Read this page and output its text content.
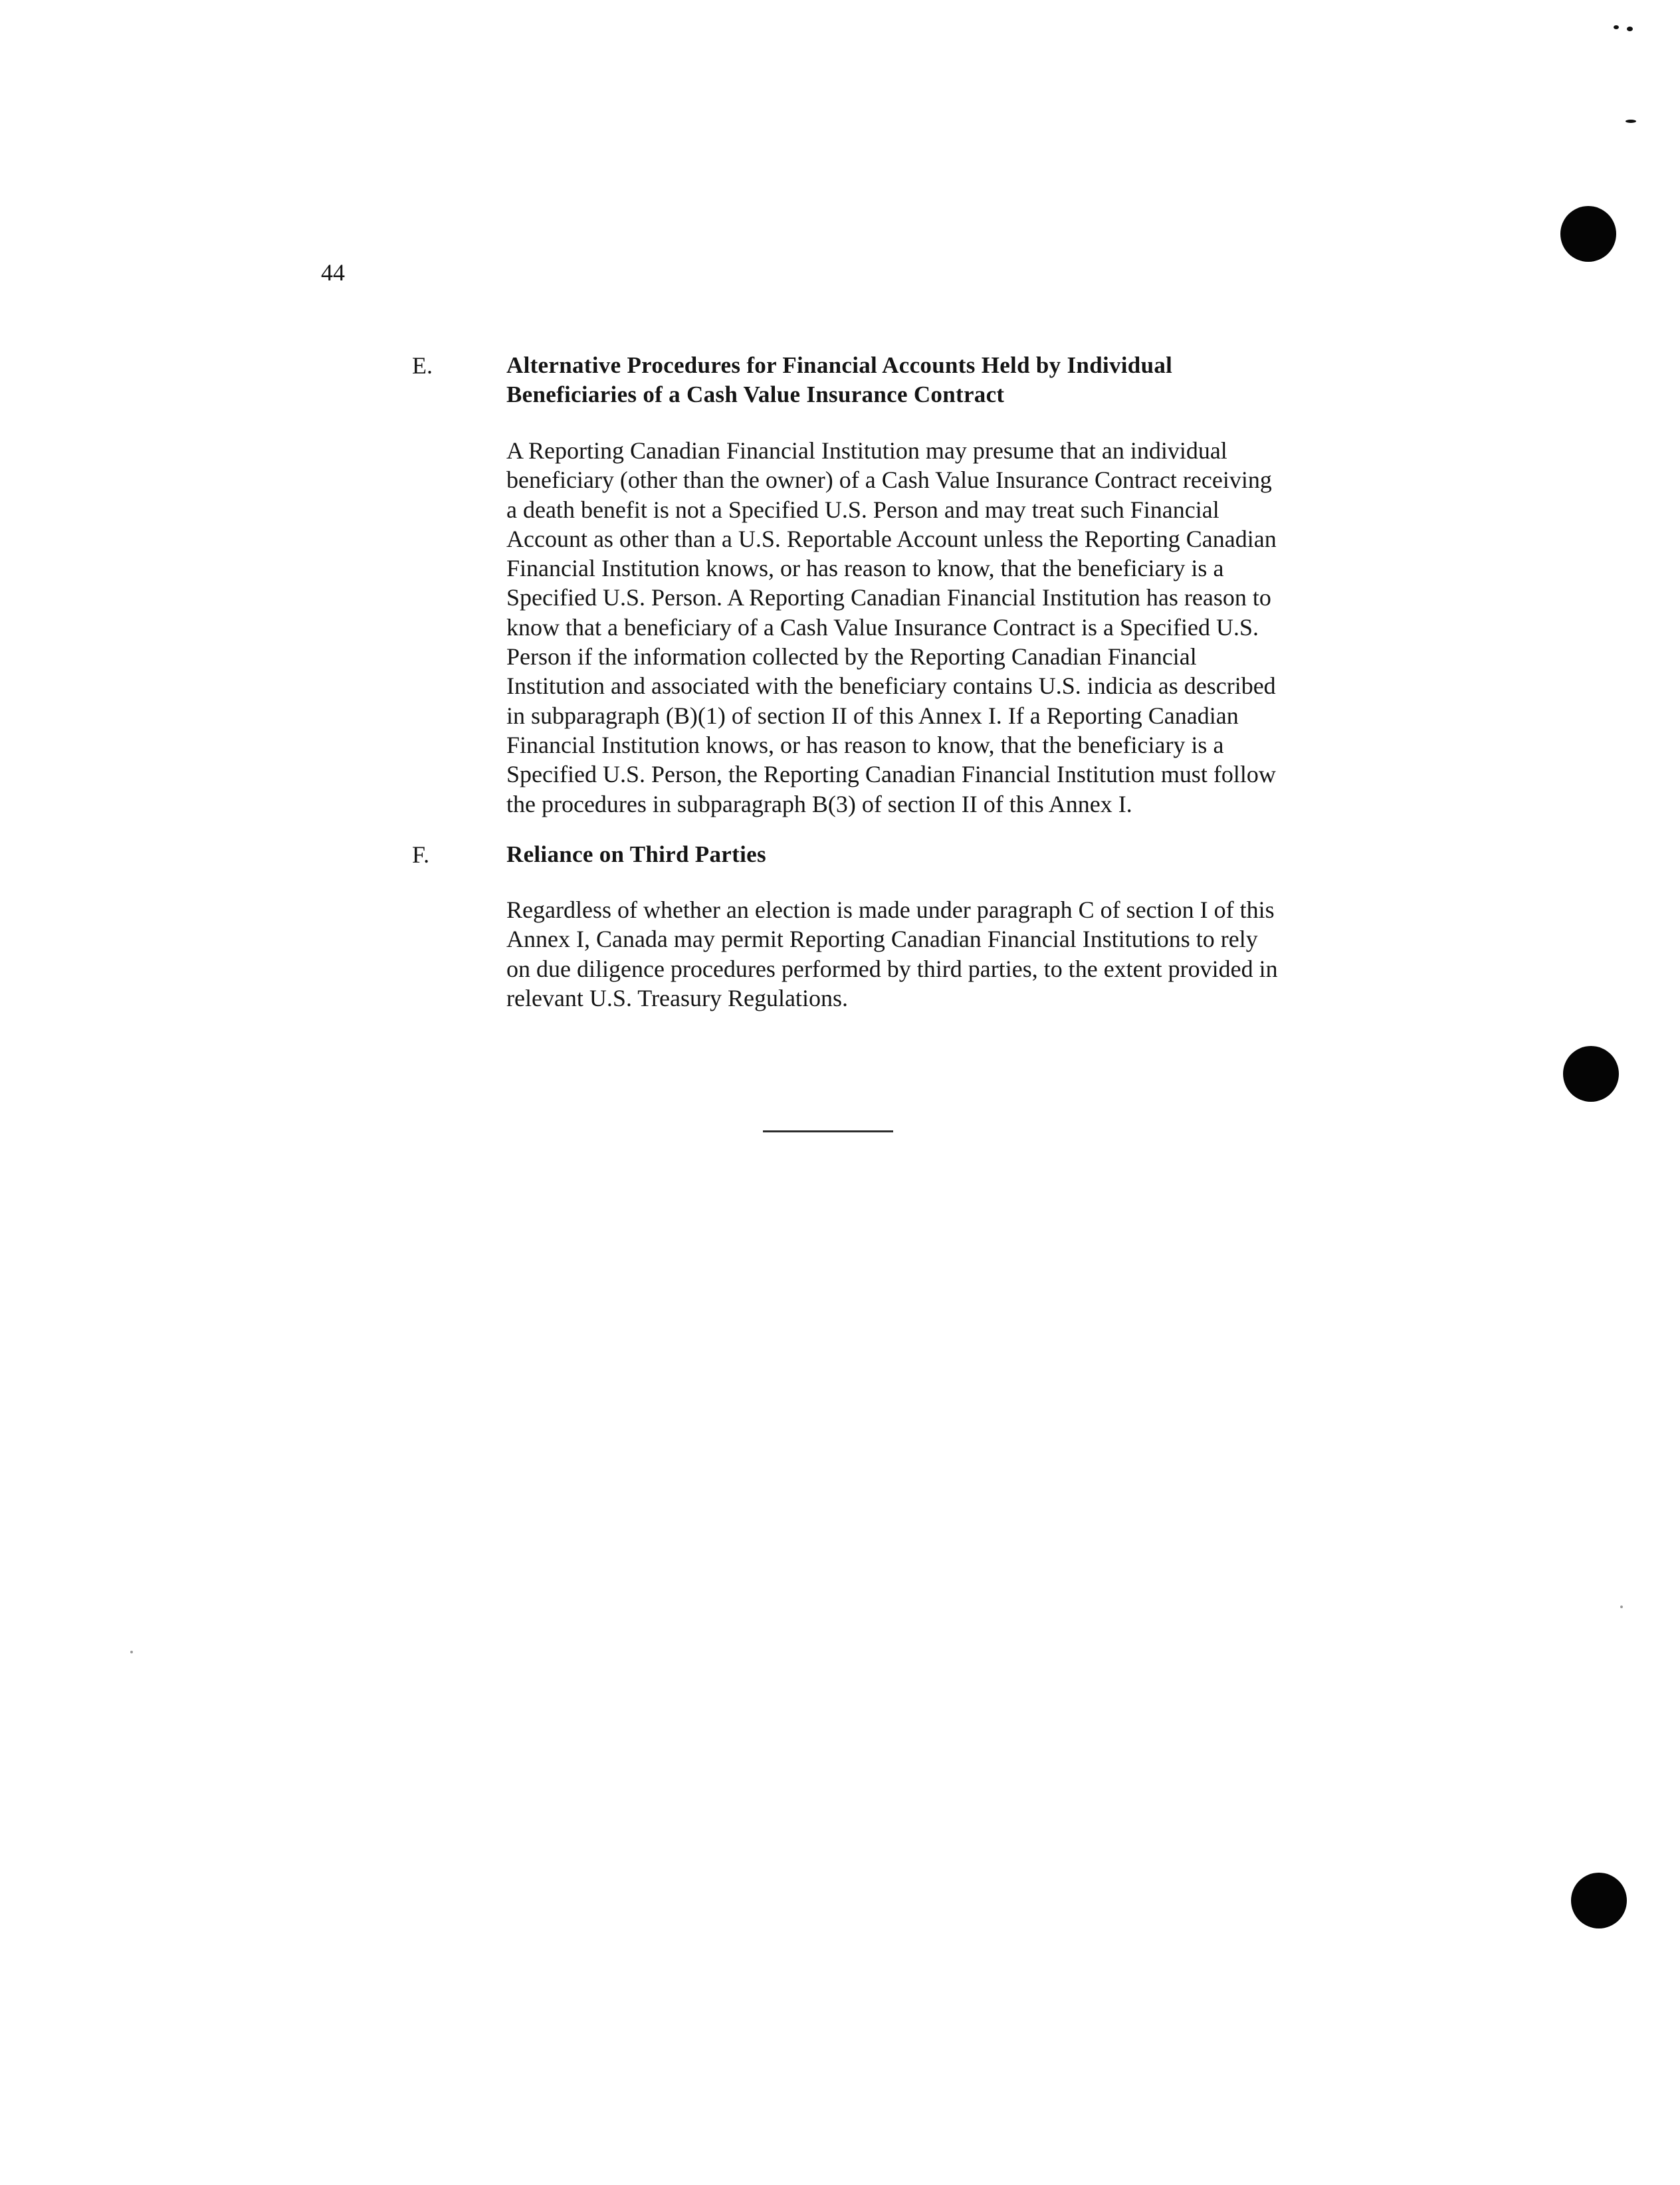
44
E.	Alternative Procedures for Financial Accounts Held by Individual
Beneficiaries of a Cash Value Insurance Contract
A Reporting Canadian Financial Institution may presume that an individual
beneficiary (other than the owner) of a Cash Value Insurance Contract receiving
a death benefit is not a Specified U.S. Person and may treat such Financial
Account as other than a U.S. Reportable Account unless the Reporting Canadian
Financial Institution knows, or has reason to know, that the beneficiary is a
Specified U.S. Person. A Reporting Canadian Financial Institution has reason to
know that a beneficiary of a Cash Value Insurance Contract is a Specified U.S.
Person if the information collected by the Reporting Canadian Financial
Institution and associated with the beneficiary contains U.S. indicia as described
in subparagraph (B)(1) of section II of this Annex I. If a Reporting Canadian
Financial Institution knows, or has reason to know, that the beneficiary is a
Specified U.S. Person, the Reporting Canadian Financial Institution must follow
the procedures in subparagraph B(3) of section II of this Annex I.
F.	Reliance on Third Parties
Regardless of whether an election is made under paragraph C of section I of this
Annex I, Canada may permit Reporting Canadian Financial Institutions to rely
on due diligence procedures performed by third parties, to the extent provided in
relevant U.S. Treasury Regulations.
